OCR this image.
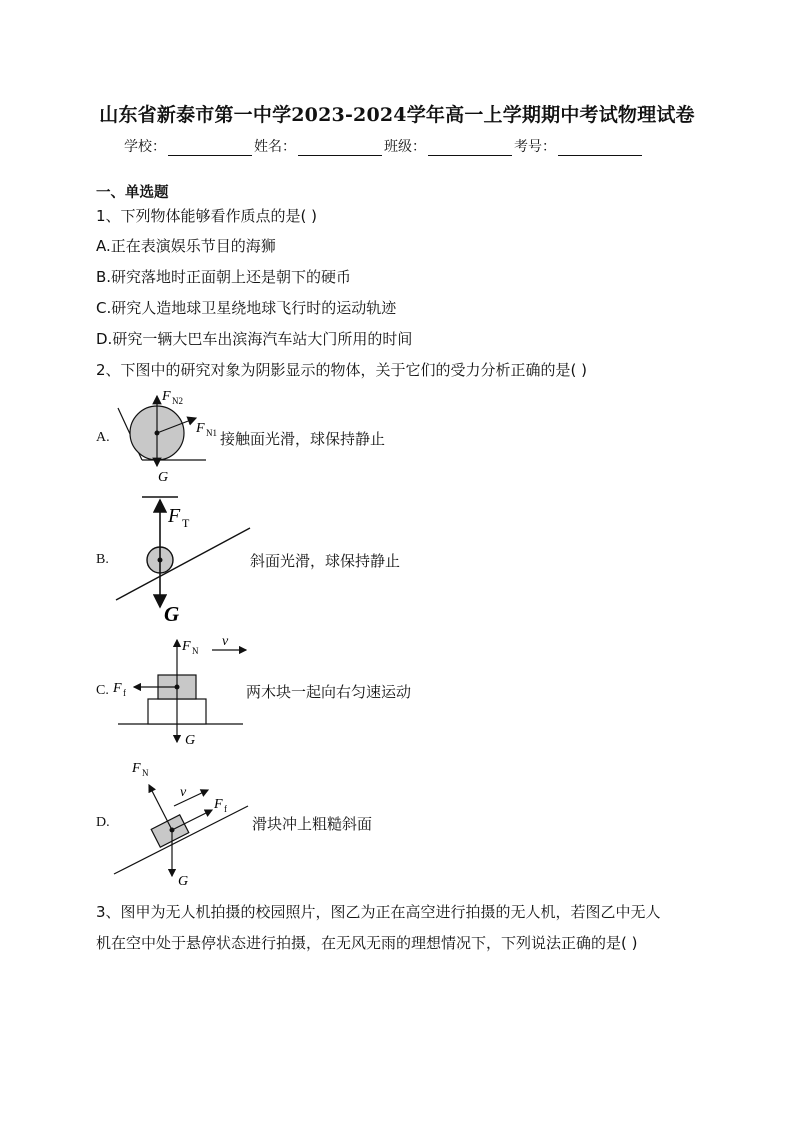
山东省新泰市第一中学2023-2024学年高一上学期期中考试物理试卷
学校：	姓名：	班级：	考号：
一、单选题
1、下列物体能够看作质点的是( )
A.正在表演娱乐节目的海狮
B.研究落地时正面朝上还是朝下的硬币
C.研究人造地球卫星绕地球飞行时的运动轨迹
D.研究一辆大巴车出滨海汽车站大门所用的时间
2、下图中的研究对象为阴影显示的物体，关于它们的受力分析正确的是( )
A.
F N2
F N1
G
接触面光滑，球保持静止
B.
F T
G
斜面光滑，球保持静止
C.
F N
v
F f
G
两木块一起向右匀速运动
D.
F N
v
F f
G
滑块冲上粗糙斜面
3、图甲为无人机拍摄的校园照片，图乙为正在高空进行拍摄的无人机，若图乙中无人
机在空中处于悬停状态进行拍摄，在无风无雨的理想情况下，下列说法正确的是( )
